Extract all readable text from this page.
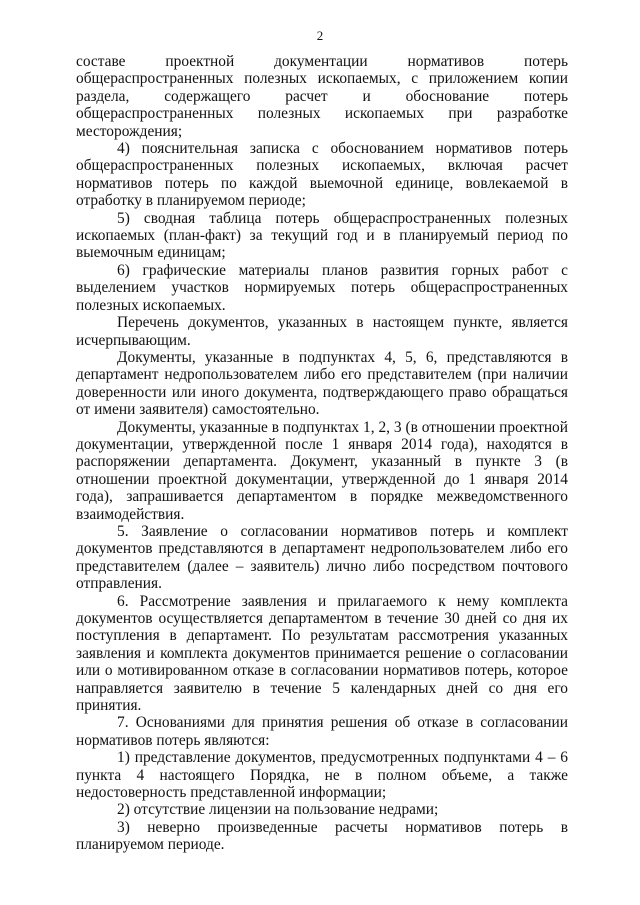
2

составе проектной документации нормативов потерь общераспространенных полезных ископаемых, с приложением копии раздела, содержащего расчет и обоснование потерь общераспространенных полезных ископаемых при разработке месторождения;

4) пояснительная записка с обоснованием нормативов потерь общераспространенных полезных ископаемых, включая расчет нормативов потерь по каждой выемочной единице, вовлекаемой в отработку в планируемом периоде;

5) сводная таблица потерь общераспространенных полезных ископаемых (план-факт) за текущий год и в планируемый период по выемочным единицам;

6) графические материалы планов развития горных работ с выделением участков нормируемых потерь общераспространенных полезных ископаемых.

Перечень документов, указанных в настоящем пункте, является исчерпывающим.

Документы, указанные в подпунктах 4, 5, 6, представляются в департамент недропользователем либо его представителем (при наличии доверенности или иного документа, подтверждающего право обращаться от имени заявителя) самостоятельно.

Документы, указанные в подпунктах 1, 2, 3 (в отношении проектной документации, утвержденной после 1 января 2014 года), находятся в распоряжении департамента. Документ, указанный в пункте 3 (в отношении проектной документации, утвержденной до 1 января 2014 года), запрашивается департаментом в порядке межведомственного взаимодействия.

5. Заявление о согласовании нормативов потерь и комплект документов представляются в департамент недропользователем либо его представителем (далее – заявитель) лично либо посредством почтового отправления.

6. Рассмотрение заявления и прилагаемого к нему комплекта документов осуществляется департаментом в течение 30 дней со дня их поступления в департамент. По результатам рассмотрения указанных заявления и комплекта документов принимается решение о согласовании или о мотивированном отказе в согласовании нормативов потерь, которое направляется заявителю в течение 5 календарных дней со дня его принятия.

7. Основаниями для принятия решения об отказе в согласовании нормативов потерь являются:

1) представление документов, предусмотренных подпунктами 4 – 6 пункта 4 настоящего Порядка, не в полном объеме, а также недостоверность представленной информации;

2) отсутствие лицензии на пользование недрами;

3) неверно произведенные расчеты нормативов потерь в планируемом периоде.
